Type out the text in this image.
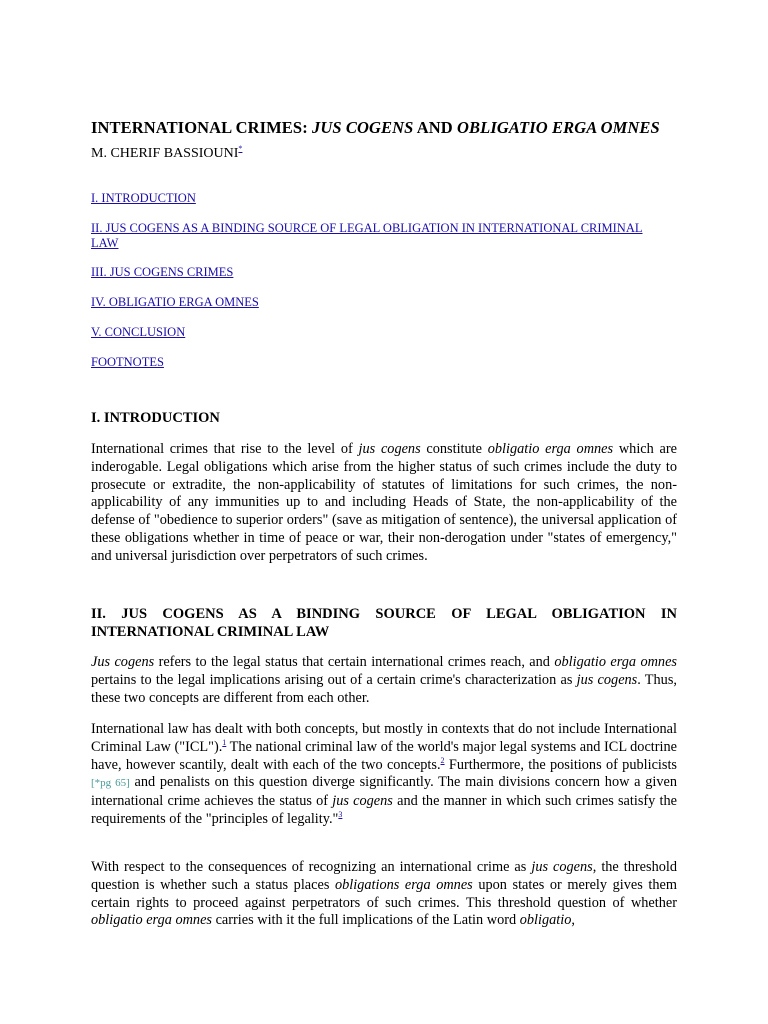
INTERNATIONAL CRIMES: JUS COGENS AND OBLIGATIO ERGA OMNES
M. CHERIF BASSIOUNI*
I. INTRODUCTION
II. JUS COGENS AS A BINDING SOURCE OF LEGAL OBLIGATION IN INTERNATIONAL CRIMINAL LAW
III. JUS COGENS CRIMES
IV. OBLIGATIO ERGA OMNES
V. CONCLUSION
FOOTNOTES
I. INTRODUCTION

International crimes that rise to the level of jus cogens constitute obligatio erga omnes which are inderogable. Legal obligations which arise from the higher status of such crimes include the duty to prosecute or extradite, the non-applicability of statutes of limitations for such crimes, the non-applicability of any immunities up to and including Heads of State, the non-applicability of the defense of "obedience to superior orders" (save as mitigation of sentence), the universal application of these obligations whether in time of peace or war, their non-derogation under "states of emergency," and universal jurisdiction over perpetrators of such crimes.

II. JUS COGENS AS A BINDING SOURCE OF LEGAL OBLIGATION IN INTERNATIONAL CRIMINAL LAW

Jus cogens refers to the legal status that certain international crimes reach, and obligatio erga omnes pertains to the legal implications arising out of a certain crime's characterization as jus cogens. Thus, these two concepts are different from each other.

International law has dealt with both concepts, but mostly in contexts that do not include International Criminal Law ("ICL").$^1$ The national criminal law of the world's major legal systems and ICL doctrine have, however scantily, dealt with each of the two concepts.$^2$ Furthermore, the positions of publicists [*pg 65] and penalists on this question diverge significantly. The main divisions concern how a given international crime achieves the status of jus cogens and the manner in which such crimes satisfy the requirements of the "principles of legality."$^3$

With respect to the consequences of recognizing an international crime as jus cogens, the threshold question is whether such a status places obligations erga omnes upon states or merely gives them certain rights to proceed against perpetrators of such crimes. This threshold question of whether obligatio erga omnes carries with it the full implications of the Latin word obligatio,
